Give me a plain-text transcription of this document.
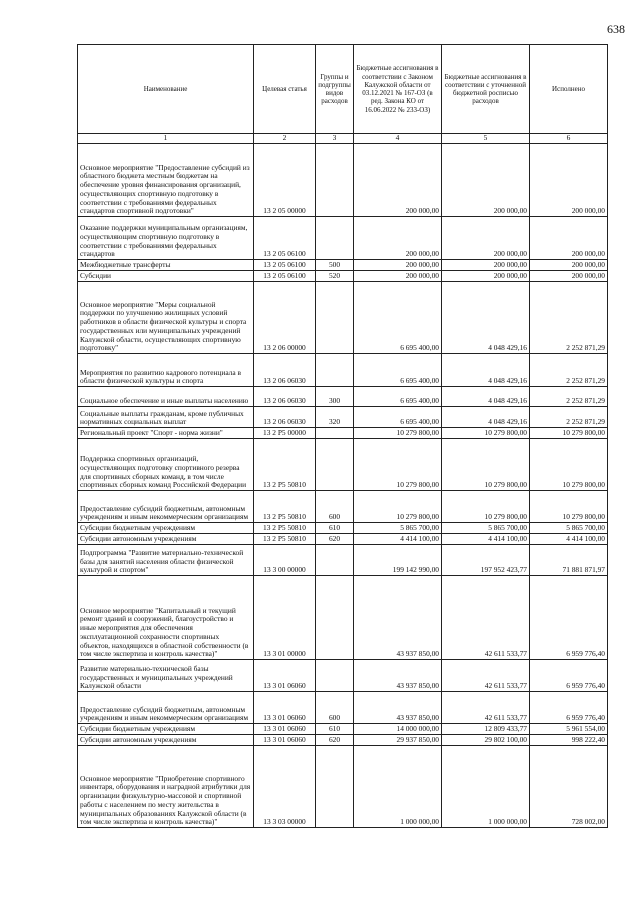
638
Наименование	Целевая статья	Группы и подгруппы видов расходов	Бюджетные ассигнования в соответствии с Законом Калужской области от 03.12.2021 № 167-ОЗ (в ред. Закона КО от 16.06.2022 № 233-ОЗ)	Бюджетные ассигнования в соответствии с уточненной бюджетной росписью расходов	Исполнено
1	2	3	4	5	6
Основное мероприятие "Предоставление субсидий из областного бюджета местным бюджетам на обеспечение уровня финансирования организаций, осуществляющих спортивную подготовку в соответствии с требованиями федеральных стандартов спортивной подготовки"	13 2 05 00000		200 000,00	200 000,00	200 000,00
Оказание поддержки муниципальным организациям, осуществляющим спортивную подготовку в соответствии с требованиями федеральных стандартов	13 2 05 06100		200 000,00	200 000,00	200 000,00
Межбюджетные трансферты	13 2 05 06100	500	200 000,00	200 000,00	200 000,00
Субсидии	13 2 05 06100	520	200 000,00	200 000,00	200 000,00
Основное мероприятие "Меры социальной поддержки по улучшению жилищных условий работников в области физической культуры и спорта государственных или муниципальных учреждений Калужской области, осуществляющих спортивную подготовку"	13 2 06 00000		6 695 400,00	4 048 429,16	2 252 871,29
Мероприятия по развитию кадрового потенциала в области физической культуры и спорта	13 2 06 06030		6 695 400,00	4 048 429,16	2 252 871,29
Социальное обеспечение и иные выплаты населению	13 2 06 06030	300	6 695 400,00	4 048 429,16	2 252 871,29
Социальные выплаты гражданам, кроме публичных нормативных социальных выплат	13 2 06 06030	320	6 695 400,00	4 048 429,16	2 252 871,29
Региональный проект "Спорт - норма жизни"	13 2 P5 00000		10 279 800,00	10 279 800,00	10 279 800,00
Поддержка спортивных организаций, осуществляющих подготовку спортивного резерва для спортивных сборных команд, в том числе спортивных сборных команд Российской Федерации	13 2 P5 50810		10 279 800,00	10 279 800,00	10 279 800,00
Предоставление субсидий бюджетным, автономным учреждениям и иным некоммерческим организациям	13 2 P5 50810	600	10 279 800,00	10 279 800,00	10 279 800,00
Субсидии бюджетным учреждениям	13 2 P5 50810	610	5 865 700,00	5 865 700,00	5 865 700,00
Субсидии автономным учреждениям	13 2 P5 50810	620	4 414 100,00	4 414 100,00	4 414 100,00
Подпрограмма "Развитие материально-технической базы для занятий населения области физической культурой и спортом"	13 3 00 00000		199 142 990,00	197 952 423,77	71 881 871,97
Основное мероприятие "Капитальный и текущий ремонт зданий и сооружений, благоустройство и иные мероприятия для обеспечения эксплуатационной сохранности спортивных объектов, находящихся в областной собственности (в том числе экспертиза и контроль качества)"	13 3 01 00000		43 937 850,00	42 611 533,77	6 959 776,40
Развитие материально-технической базы государственных и муниципальных учреждений Калужской области	13 3 01 06060		43 937 850,00	42 611 533,77	6 959 776,40
Предоставление субсидий бюджетным, автономным учреждениям и иным некоммерческим организациям	13 3 01 06060	600	43 937 850,00	42 611 533,77	6 959 776,40
Субсидии бюджетным учреждениям	13 3 01 06060	610	14 000 000,00	12 809 433,77	5 961 554,00
Субсидии автономным учреждениям	13 3 01 06060	620	29 937 850,00	29 802 100,00	998 222,40
Основное мероприятие "Приобретение спортивного инвентаря, оборудования и наградной атрибутики для организации физкультурно-массовой и спортивной работы с населением по месту жительства в муниципальных образованиях Калужской области (в том числе экспертиза и контроль качества)"	13 3 03 00000		1 000 000,00	1 000 000,00	728 002,00
